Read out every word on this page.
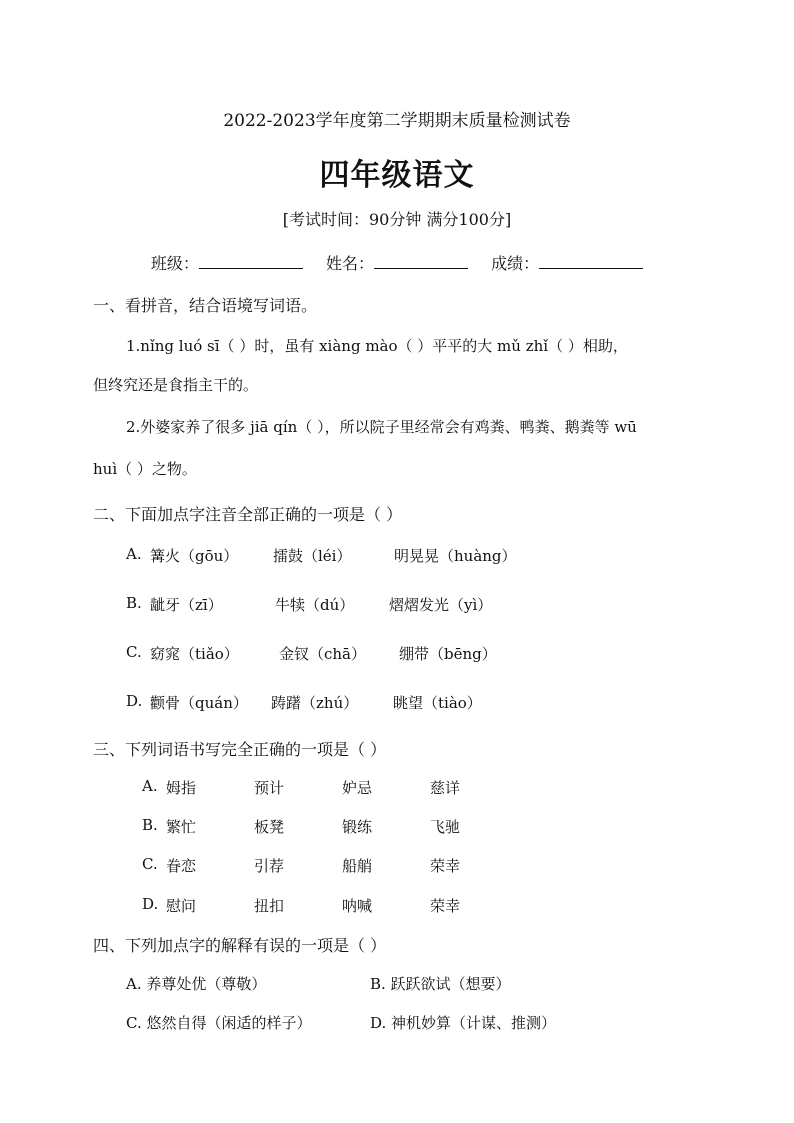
2022-2023学年度第二学期期末质量检测试卷
四年级语文
[考试时间：90分钟 满分100分]
班级：	姓名：	成绩：
一、看拼音，结合语境写词语。
1.nǐng luó sī（ ）时，虽有 xiàng mào（ ）平平的大 mǔ zhǐ（ ）相助，
但终究还是食指主干的。
2.外婆家养了很多 jiā qín（ ），所以院子里经常会有鸡粪、鸭粪、鹅粪等 wū
huì（ ）之物。
二、下面加点字注音全部正确的一项是（ ）
A. 篝火（gōu） 擂鼓（léi）	明晃晃（huàng）
B. 龇牙（zī）	牛犊（dú） 熠熠发光（yì）
C. 窈窕（tiǎo）	金钗（chā） 绷带（bēng）
D. 颧骨（quán） 踌躇（zhú） 眺望（tiào）
三、下列词语书写完全正确的一项是（ ）
A. 姆指	预计	妒忌	慈详
B. 繁忙	板凳	锻练	飞驰
C. 眷恋	引荐	船艄	荣幸
D. 慰问	扭扣	呐喊	荣幸
四、下列加点字的解释有误的一项是（ ）
A. 养尊处优（尊敬）	B. 跃跃欲试（想要）
C. 悠然自得（闲适的样子）	D. 神机妙算（计谋、推测）
